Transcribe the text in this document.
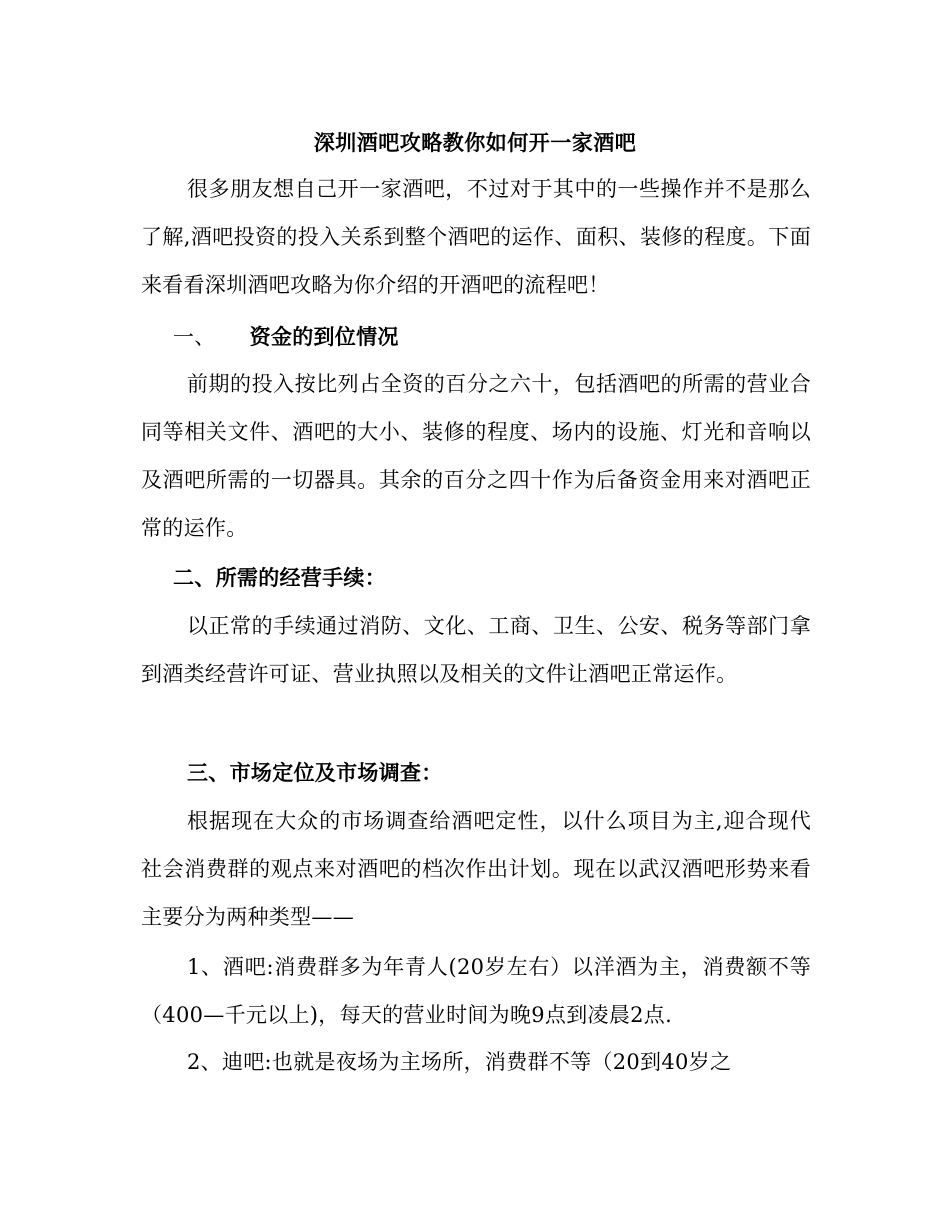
深圳酒吧攻略教你如何开一家酒吧

很多朋友想自己开一家酒吧，不过对于其中的一些操作并不是那么了解,酒吧投资的投入关系到整个酒吧的运作、面积、装修的程度。下面来看看深圳酒吧攻略为你介绍的开酒吧的流程吧！

一、 资金的到位情况

前期的投入按比列占全资的百分之六十，包括酒吧的所需的营业合同等相关文件、酒吧的大小、装修的程度、场内的设施、灯光和音响以及酒吧所需的一切器具。其余的百分之四十作为后备资金用来对酒吧正常的运作。

二、所需的经营手续：

以正常的手续通过消防、文化、工商、卫生、公安、税务等部门拿到酒类经营许可证、营业执照以及相关的文件让酒吧正常运作。

三、市场定位及市场调查：

根据现在大众的市场调查给酒吧定性，以什么项目为主,迎合现代社会消费群的观点来对酒吧的档次作出计划。现在以武汉酒吧形势来看主要分为两种类型——

1、酒吧:消费群多为年青人(20岁左右）以洋酒为主，消费额不等（400—千元以上)，每天的营业时间为晚9点到凌晨2点.

2、迪吧:也就是夜场为主场所，消费群不等（20到40岁之
